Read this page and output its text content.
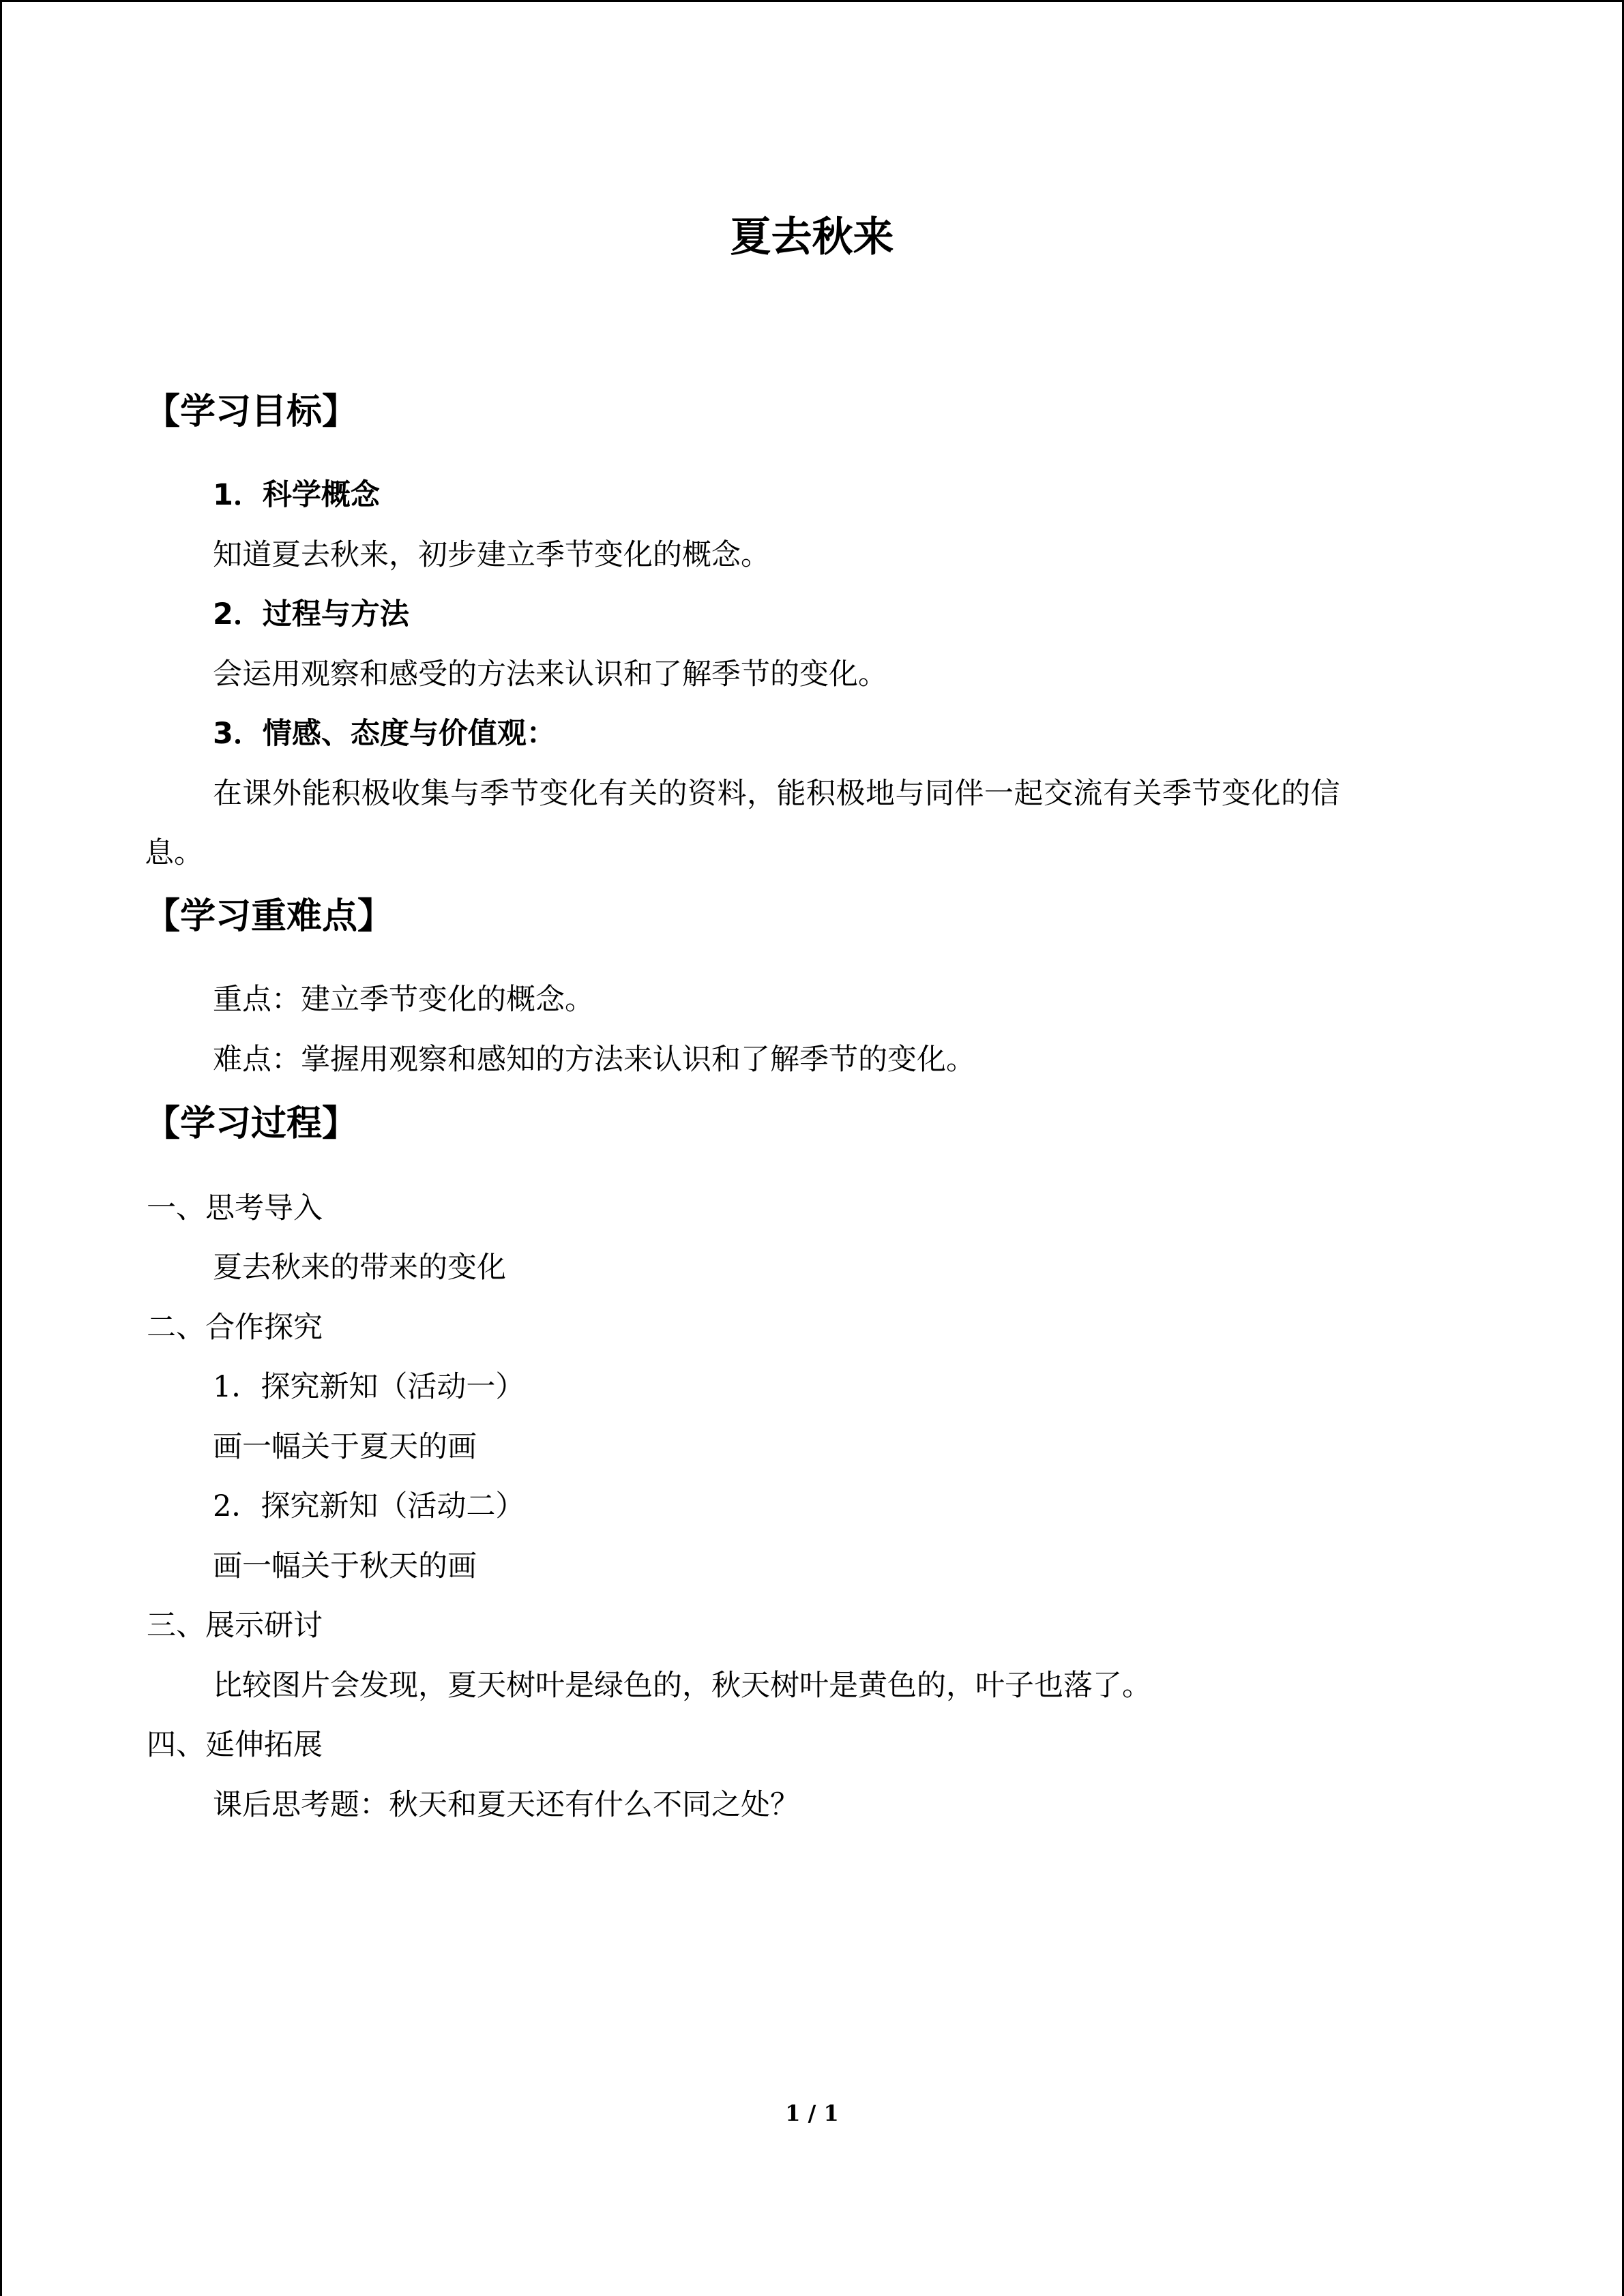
夏去秋来
【学习目标】
1．科学概念
知道夏去秋来，初步建立季节变化的概念。
2．过程与方法
会运用观察和感受的方法来认识和了解季节的变化。
3．情感、态度与价值观：
在课外能积极收集与季节变化有关的资料，能积极地与同伴一起交流有关季节变化的信
息。
【学习重难点】
重点：建立季节变化的概念。
难点：掌握用观察和感知的方法来认识和了解季节的变化。
【学习过程】
一、思考导入
夏去秋来的带来的变化
二、合作探究
1．探究新知（活动一）
画一幅关于夏天的画
2．探究新知（活动二）
画一幅关于秋天的画
三、展示研讨
比较图片会发现，夏天树叶是绿色的，秋天树叶是黄色的，叶子也落了。
四、延伸拓展
课后思考题：秋天和夏天还有什么不同之处？
1 / 1
